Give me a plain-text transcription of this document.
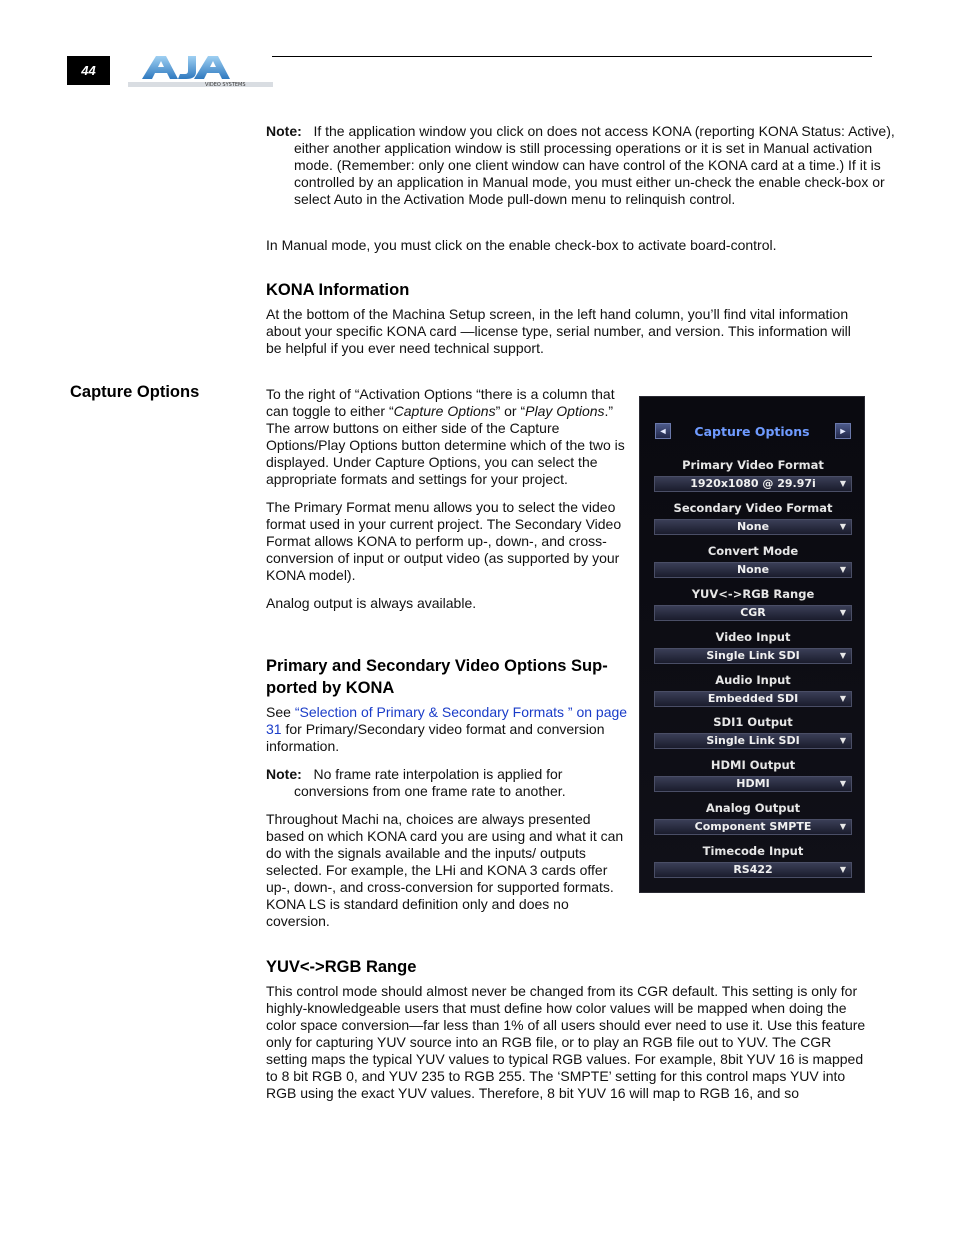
44
VIDEO SYSTEMS
Note: If the application window you click on does not access KONA (reporting KONA Status: Active), either another application window is still processing operations or it is set in Manual activation mode. (Remember: only one client window can have control of the KONA card at a time.) If it is controlled by an application in Manual mode, you must either un-check the enable check-box or select Auto in the Activation Mode pull-down menu to relinquish control.

In Manual mode, you must click on the enable check-box to activate board-control.

KONA Information

At the bottom of the Machina Setup screen, in the left hand column, you’ll find vital information about your specific KONA card —license type, serial number, and version. This information will be helpful if you ever need technical support.

Capture Options	To the right of “Activation Options “there is a column that can toggle to either “Capture Options” or “Play Options.” The arrow buttons on either side of the Capture Options/Play Options button determine which of the two is displayed. Under Capture Options, you can select the appropriate formats and settings for your project.

The Primary Format menu allows you to select the video format used in your current project. The Secondary Video Format allows KONA to perform up-, down-, and cross-conversion of input or output video (as supported by your KONA model).

Analog output is always available.

Primary and Secondary Video Options Sup-
ported by KONA

See “Selection of Primary & Secondary Formats ” on page 31 for Primary/Secondary video format and conversion information.

Note: No frame rate interpolation is applied for conversions from one frame rate to another.

Throughout Machi na, choices are always presented based on which KONA card you are using and what it can do with the signals available and the inputs/ outputs selected. For example, the LHi and KONA 3 cards offer up-, down-, and cross-conversion for supported formats. KONA LS is standard definition only and does no coversion.

YUV<->RGB Range

This control mode should almost never be changed from its CGR default. This setting is only for highly-knowledgeable users that must define how color values will be mapped when doing the color space conversion—far less than 1% of all users should ever need to use it. Use this feature only for capturing YUV source into an RGB file, or to play an RGB file out to YUV. The CGR setting maps the typical YUV values to typical RGB values. For example, 8bit YUV 16 is mapped to 8 bit RGB 0, and YUV 235 to RGB 255. The ‘SMPTE’ setting for this control maps YUV into RGB using the exact YUV values. Therefore, 8 bit YUV 16 will map to RGB 16, and so

◄	Capture Options	►
Primary Video Format
1920x1080 @ 29.97i	▼
Secondary Video Format
None	▼
Convert Mode
None	▼
YUV<->RGB Range
CGR	▼
Video Input
Single Link SDI	▼
Audio Input
Embedded SDI	▼
SDI1 Output
Single Link SDI	▼
HDMI Output
HDMI	▼
Analog Output
Component SMPTE	▼
Timecode Input
RS422	▼
